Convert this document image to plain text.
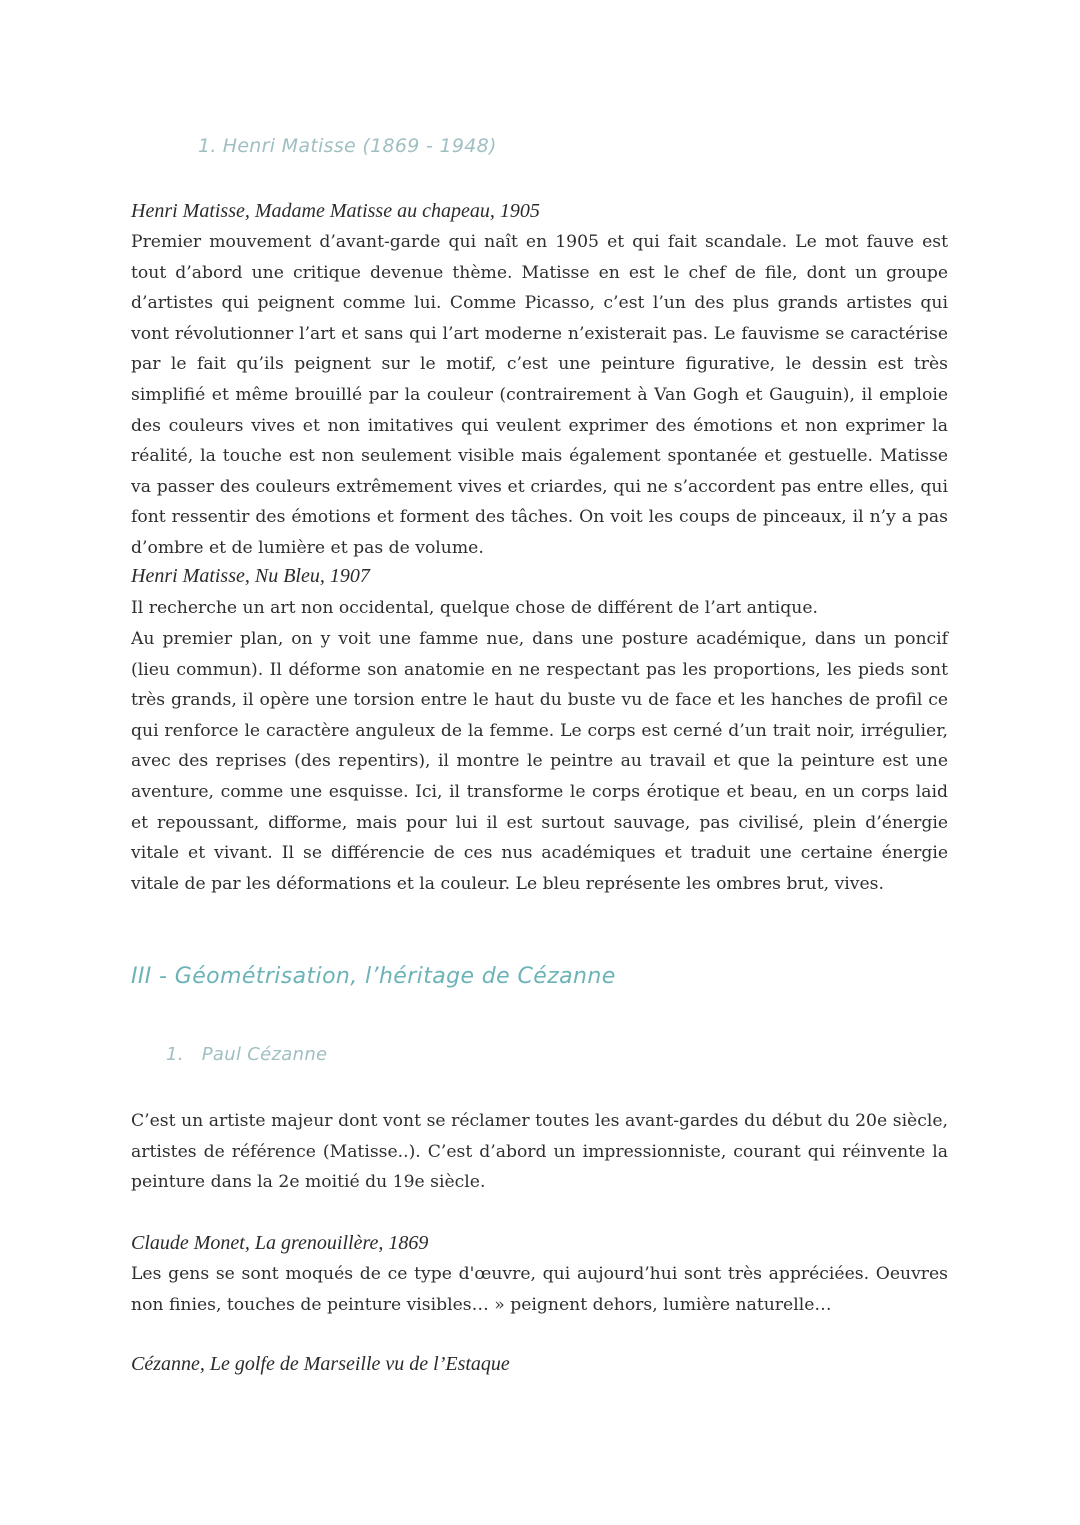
1. Henri Matisse (1869 - 1948)
Henri Matisse, Madame Matisse au chapeau, 1905

Premier mouvement d’avant-garde qui naît en 1905 et qui fait scandale. Le mot fauve est tout d’abord une critique devenue thème. Matisse en est le chef de file, dont un groupe d’artistes qui peignent comme lui. Comme Picasso, c’est l’un des plus grands artistes qui vont révolutionner l’art et sans qui l’art moderne n’existerait pas. Le fauvisme se caractérise par le fait qu’ils peignent sur le motif, c’est une peinture figurative, le dessin est très simplifié et même brouillé par la couleur (contrairement à Van Gogh et Gauguin), il emploie des couleurs vives et non imitatives qui veulent exprimer des émotions et non exprimer la réalité, la touche est non seulement visible mais également spontanée et gestuelle. Matisse va passer des couleurs extrêmement vives et criardes, qui ne s’accordent pas entre elles, qui font ressentir des émotions et forment des tâches. On voit les coups de pinceaux, il n’y a pas d’ombre et de lumière et pas de volume.

Henri Matisse, Nu Bleu, 1907

Il recherche un art non occidental, quelque chose de différent de l’art antique.

Au premier plan, on y voit une famme nue, dans une posture académique, dans un poncif (lieu commun). Il déforme son anatomie en ne respectant pas les proportions, les pieds sont très grands, il opère une torsion entre le haut du buste vu de face et les hanches de profil ce qui renforce le caractère anguleux de la femme. Le corps est cerné d’un trait noir, irrégulier, avec des reprises (des repentirs), il montre le peintre au travail et que la peinture est une aventure, comme une esquisse. Ici, il transforme le corps érotique et beau, en un corps laid et repoussant, difforme, mais pour lui il est surtout sauvage, pas civilisé, plein d’énergie vitale et vivant. Il se différencie de ces nus académiques et traduit une certaine énergie vitale de par les déformations et la couleur. Le bleu représente les ombres brut, vives.

III - Géométrisation, l’héritage de Cézanne
1. Paul Cézanne

C’est un artiste majeur dont vont se réclamer toutes les avant-gardes du début du 20e siècle, artistes de référence (Matisse..). C’est d’abord un impressionniste, courant qui réinvente la peinture dans la 2e moitié du 19e siècle.

Claude Monet, La grenouillère, 1869

Les gens se sont moqués de ce type d'œuvre, qui aujourd’hui sont très appréciées. Oeuvres non finies, touches de peinture visibles… » peignent dehors, lumière naturelle…

Cézanne, Le golfe de Marseille vu de l’Estaque
